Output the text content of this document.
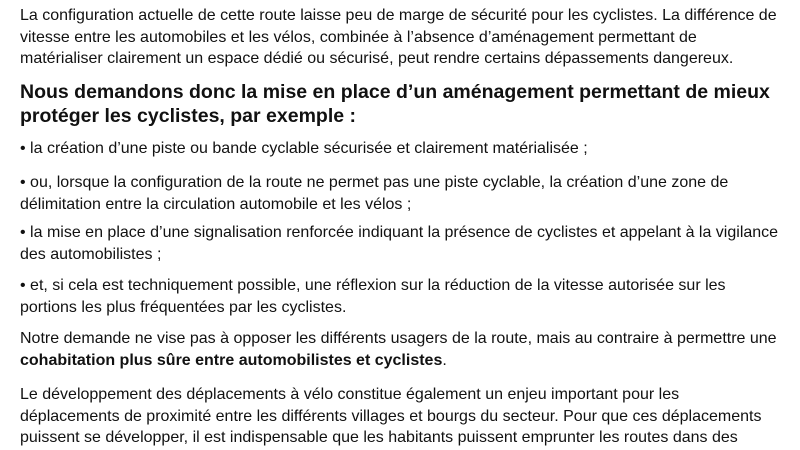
La configuration actuelle de cette route laisse peu de marge de sécurité pour les cyclistes. La différence de
vitesse entre les automobiles et les vélos, combinée à l’absence d’aménagement permettant de
matérialiser clairement un espace dédié ou sécurisé, peut rendre certains dépassements dangereux.

Nous demandons donc la mise en place d’un aménagement permettant de mieux
protéger les cyclistes, par exemple :

• la création d’une piste ou bande cyclable sécurisée et clairement matérialisée ;

• ou, lorsque la configuration de la route ne permet pas une piste cyclable, la création d’une zone de
délimitation entre la circulation automobile et les vélos ;

• la mise en place d’une signalisation renforcée indiquant la présence de cyclistes et appelant à la vigilance
des automobilistes ;

• et, si cela est techniquement possible, une réflexion sur la réduction de la vitesse autorisée sur les
portions les plus fréquentées par les cyclistes.

Notre demande ne vise pas à opposer les différents usagers de la route, mais au contraire à permettre une
cohabitation plus sûre entre automobilistes et cyclistes.

Le développement des déplacements à vélo constitue également un enjeu important pour les
déplacements de proximité entre les différents villages et bourgs du secteur. Pour que ces déplacements
puissent se développer, il est indispensable que les habitants puissent emprunter les routes dans des
